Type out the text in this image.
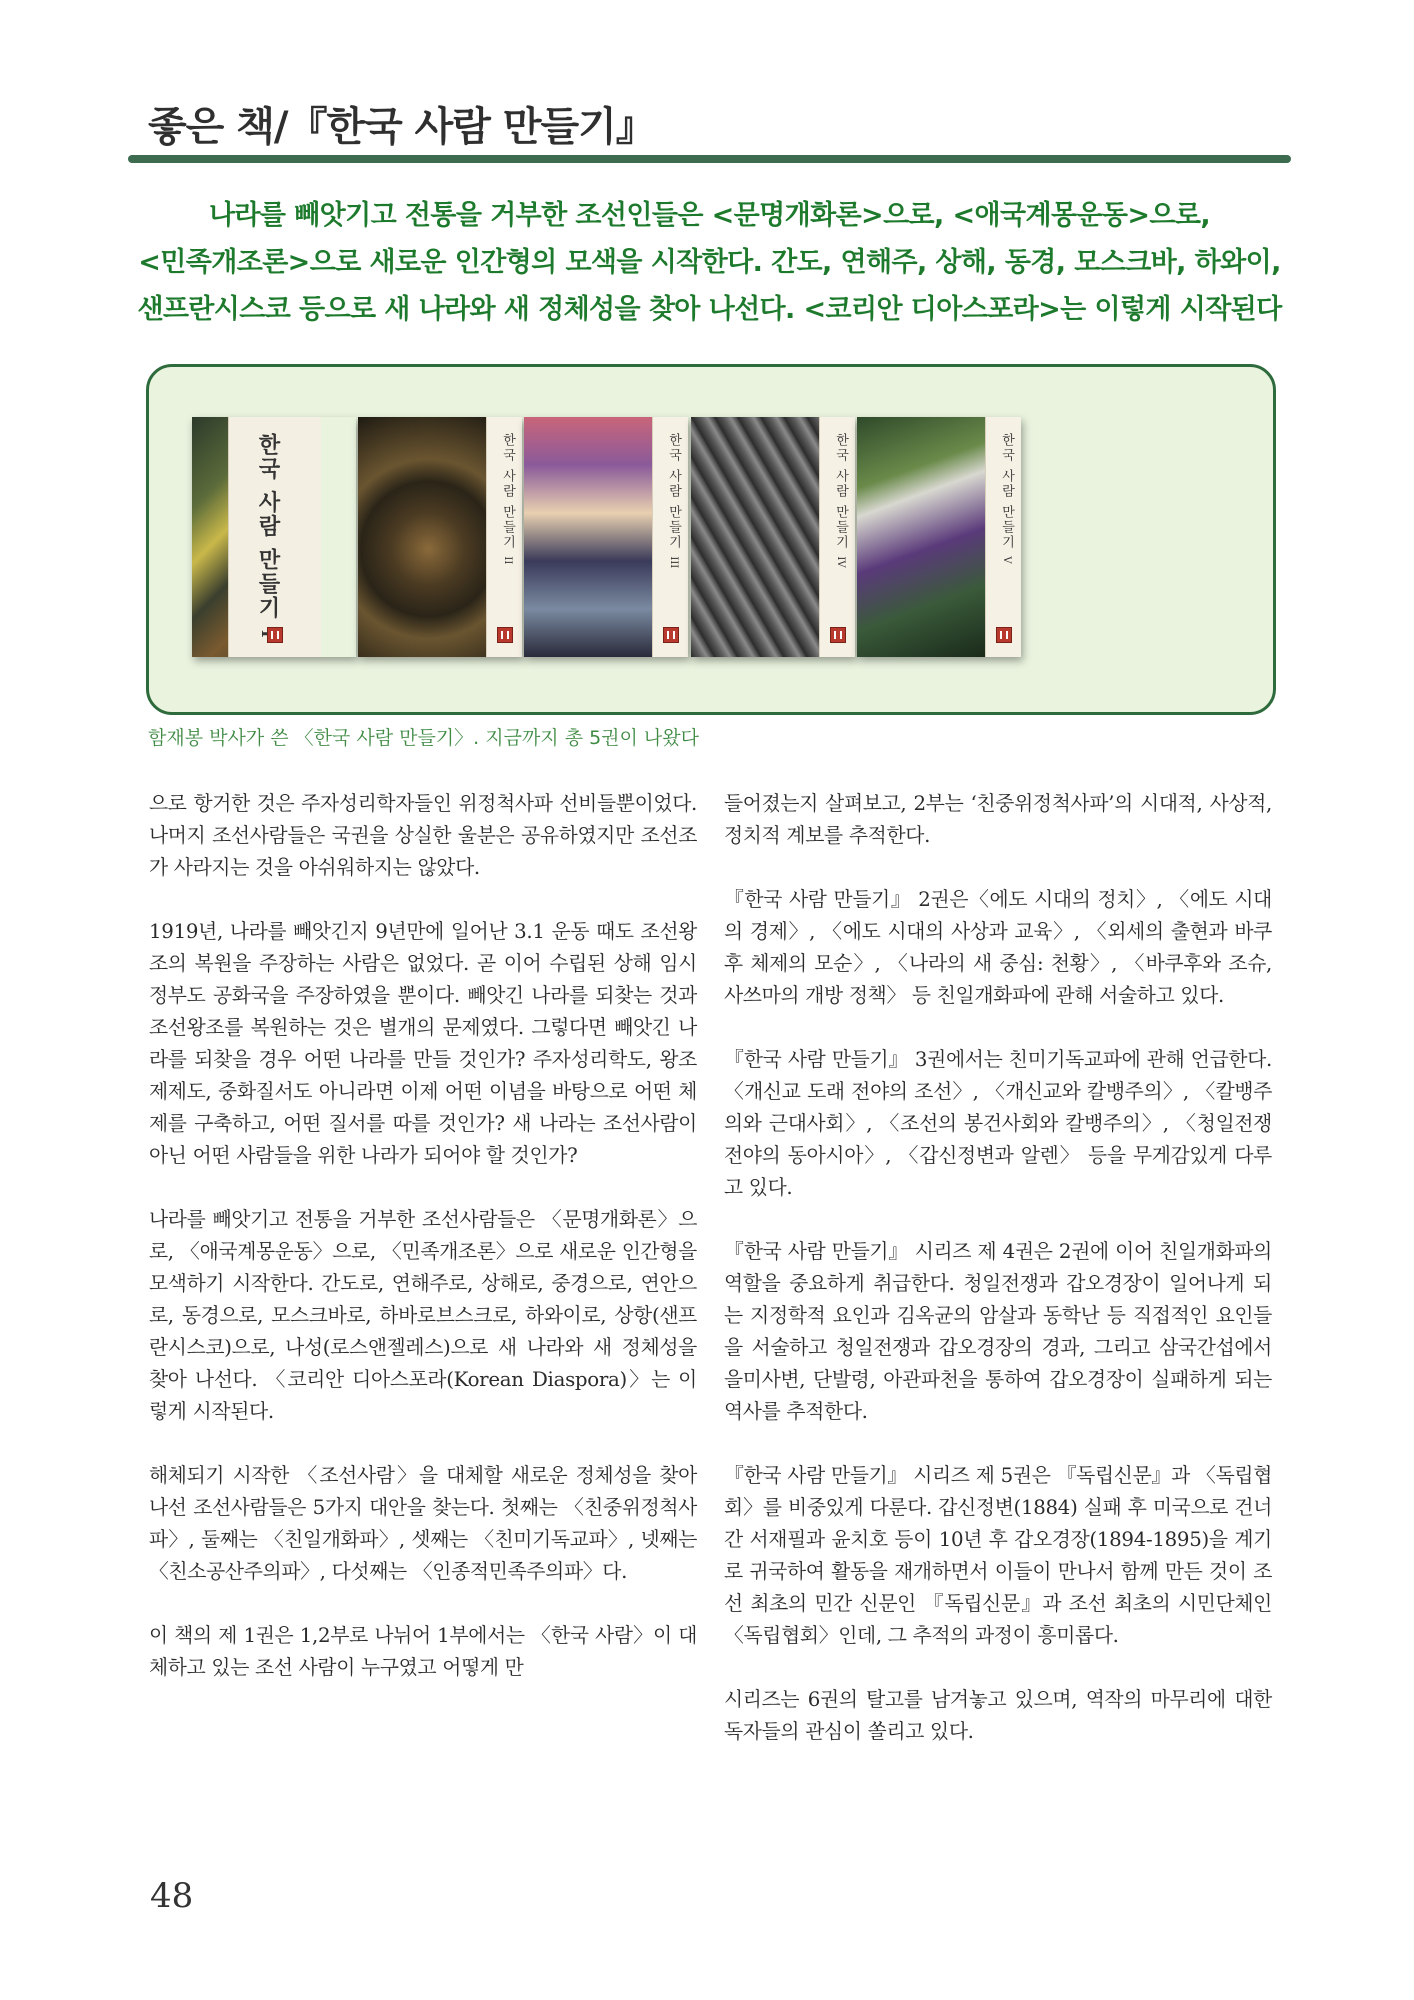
좋은 책/『한국 사람 만들기』
나라를 빼앗기고 전통을 거부한 조선인들은 <문명개화론>으로, <애국계몽운동>으로,
<민족개조론>으로 새로운 인간형의 모색을 시작한다. 간도, 연해주, 상해, 동경, 모스크바, 하와이,
샌프란시스코 등으로 새 나라와 새 정체성을 찾아 나선다. <코리안 디아스포라>는 이렇게 시작된다
한국 사람 만들기	한국 사람 만들기 II
한국 사람 만들기 III
한국 사람 만들기 IV
한국 사람 만들기 V

함재봉 박사가 쓴 〈한국 사람 만들기〉. 지금까지 총 5권이 나왔다

으로 항거한 것은 주자성리학자들인 위정척사파 선비들뿐이었다. 나머지 조선사람들은 국권을 상실한 울분은 공유하였지만 조선조가 사라지는 것을 아쉬워하지는 않았다.

1919년, 나라를 빼앗긴지 9년만에 일어난 3.1 운동 때도 조선왕조의 복원을 주장하는 사람은 없었다. 곧 이어 수립된 상해 임시정부도 공화국을 주장하였을 뿐이다. 빼앗긴 나라를 되찾는 것과 조선왕조를 복원하는 것은 별개의 문제였다. 그렇다면 빼앗긴 나라를 되찾을 경우 어떤 나라를 만들 것인가? 주자성리학도, 왕조제제도, 중화질서도 아니라면 이제 어떤 이념을 바탕으로 어떤 체제를 구축하고, 어떤 질서를 따를 것인가? 새 나라는 조선사람이 아닌 어떤 사람들을 위한 나라가 되어야 할 것인가?

나라를 빼앗기고 전통을 거부한 조선사람들은 〈문명개화론〉으로, 〈애국계몽운동〉으로, 〈민족개조론〉으로 새로운 인간형을 모색하기 시작한다. 간도로, 연해주로, 상해로, 중경으로, 연안으로, 동경으로, 모스크바로, 하바로브스크로, 하와이로, 상항(샌프란시스코)으로, 나성(로스앤젤레스)으로 새 나라와 새 정체성을 찾아 나선다. 〈코리안 디아스포라(Korean Diaspora)〉는 이렇게 시작된다.

해체되기 시작한 〈조선사람〉을 대체할 새로운 정체성을 찾아 나선 조선사람들은 5가지 대안을 찾는다. 첫째는 〈친중위정척사파〉, 둘째는 〈친일개화파〉, 셋째는 〈친미기독교파〉, 넷째는 〈친소공산주의파〉, 다섯째는 〈인종적민족주의파〉다.

이 책의 제 1권은 1,2부로 나뉘어 1부에서는 〈한국 사람〉이 대체하고 있는 조선 사람이 누구였고 어떻게 만

들어졌는지 살펴보고, 2부는 ‘친중위정척사파’의 시대적, 사상적, 정치적 계보를 추적한다.

『한국 사람 만들기』 2권은〈에도 시대의 정치〉, 〈에도 시대의 경제〉, 〈에도 시대의 사상과 교육〉, 〈외세의 출현과 바쿠후 체제의 모순〉, 〈나라의 새 중심: 천황〉, 〈바쿠후와 조슈, 사쓰마의 개방 정책〉 등 친일개화파에 관해 서술하고 있다.

『한국 사람 만들기』 3권에서는 친미기독교파에 관해 언급한다. 〈개신교 도래 전야의 조선〉, 〈개신교와 칼뱅주의〉, 〈칼뱅주의와 근대사회〉, 〈조선의 봉건사회와 칼뱅주의〉, 〈청일전쟁 전야의 동아시아〉, 〈갑신정변과 알렌〉 등을 무게감있게 다루고 있다.

『한국 사람 만들기』 시리즈 제 4권은 2권에 이어 친일개화파의 역할을 중요하게 취급한다. 청일전쟁과 갑오경장이 일어나게 되는 지정학적 요인과 김옥균의 암살과 동학난 등 직접적인 요인들을 서술하고 청일전쟁과 갑오경장의 경과, 그리고 삼국간섭에서 을미사변, 단발령, 아관파천을 통하여 갑오경장이 실패하게 되는 역사를 추적한다.

『한국 사람 만들기』 시리즈 제 5권은 『독립신문』과 〈독립협회〉를 비중있게 다룬다. 갑신정변(1884) 실패 후 미국으로 건너간 서재필과 윤치호 등이 10년 후 갑오경장(1894-1895)을 계기로 귀국하여 활동을 재개하면서 이들이 만나서 함께 만든 것이 조선 최초의 민간 신문인 『독립신문』과 조선 최초의 시민단체인 〈독립협회〉인데, 그 추적의 과정이 흥미롭다.

시리즈는 6권의 탈고를 남겨놓고 있으며, 역작의 마무리에 대한 독자들의 관심이 쏠리고 있다.

48
